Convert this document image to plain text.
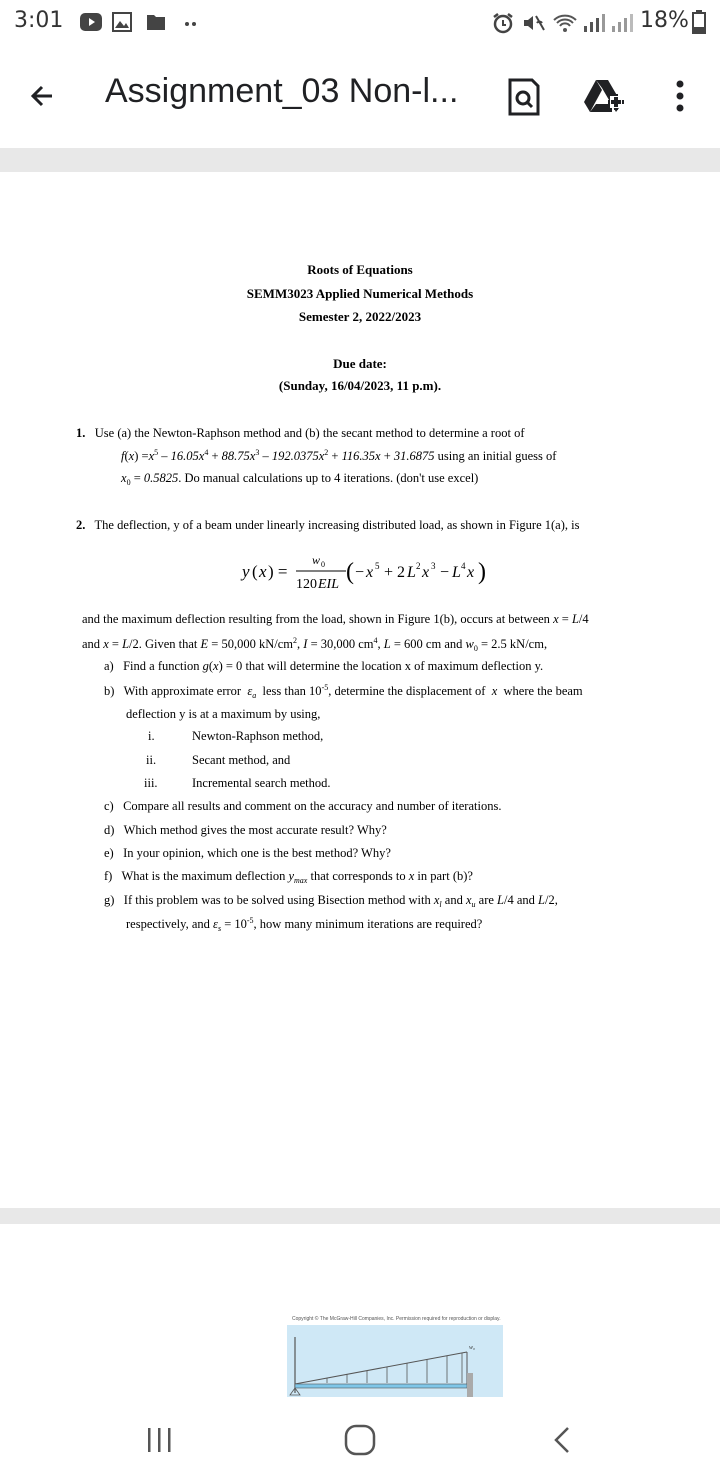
3:01	18%
Assignment_03 Non-l...
Roots of Equations
SEMM3023 Applied Numerical Methods
Semester 2, 2022/2023
Due date:
(Sunday, 16/04/2023, 11 p.m).
1. Use (a) the Newton-Raphson method and (b) the secant method to determine a root of
$f(x) =x^5 - 16.05x^4 + 88.75x^3 - 192.0375x^2 + 116.35x + 31.6875$ using an initial guess of
$x_0 = 0.5825$. Do manual calculations up to 4 iterations. (don't use excel)
2. The deflection, y of a beam under linearly increasing distributed load, as shown in Figure 1(a), is
y ( x ) =
w 0
120 EIL ( − x 5 + 2 L 2 x 3 − L 4 x )
and the maximum deflection resulting from the load, shown in Figure 1(b), occurs at between x = L/4
and x = L/2. Given that E = 50,000 $kN/cm^2$, I = 30,000 $cm^4$, L = 600 cm and $w_0 = 2.5$ kN/cm,
a) Find a function g(x) = 0 that will determine the location x of maximum deflection y.
b) With approximate error $\varepsilon_a$ less than $10^{-5}$, determine the displacement of x where the beam
deflection y is at a maximum by using,
i.	Newton-Raphson method,
ii.	Secant method, and
iii.	Incremental search method.
c) Compare all results and comment on the accuracy and number of iterations.
d) Which method gives the most accurate result? Why?
e) In your opinion, which one is the best method? Why?
f) What is the maximum deflection $y_{max}$ that corresponds to x in part (b)?
g) If this problem was to be solved using Bisection method with $x_l$ and $x_u$ are L/4 and L/2,
respectively, and $\varepsilon_s = 10^{-5}$, how many minimum iterations are required?
Copyright © The McGraw-Hill Companies, Inc. Permission required for reproduction or display.
w₀
